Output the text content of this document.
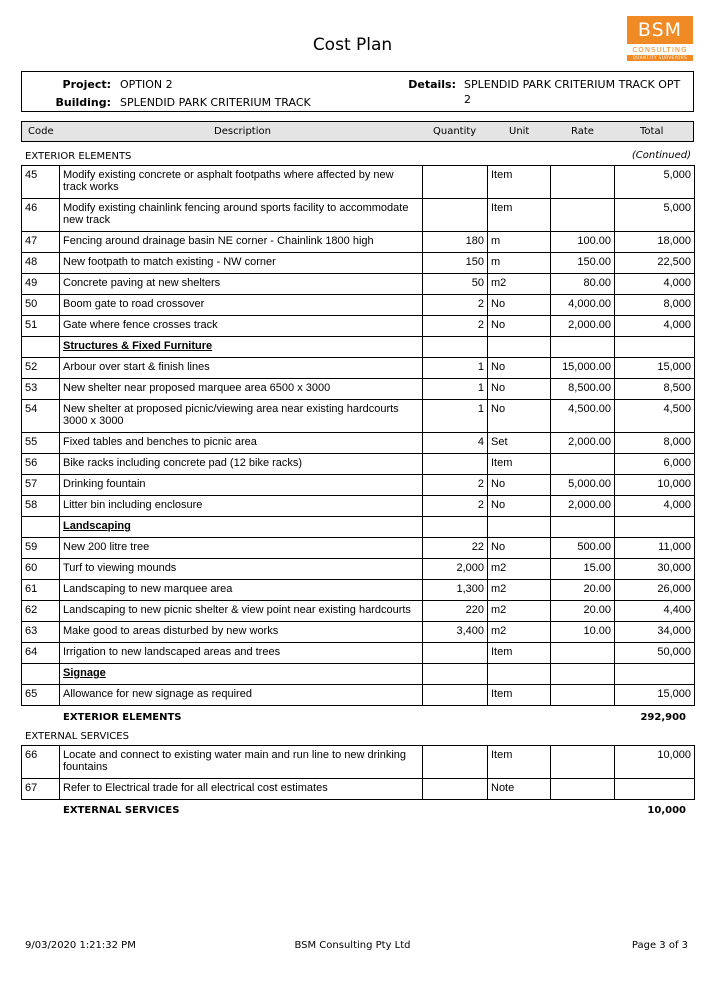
Cost Plan
BSM
CONSULTING
QUANTITY SURVEYORS
Project: OPTION 2
Building: SPLENDID PARK CRITERIUM TRACK
Details: SPLENDID PARK CRITERIUM TRACK OPT
2
Code	Description	Quantity	Unit	Rate	Total
EXTERIOR ELEMENTS	(Continued)
45	Modify existing concrete or asphalt footpaths where affected by new track works		Item		5,000
46	Modify existing chainlink fencing around sports facility to accommodate new track		Item		5,000
47	Fencing around drainage basin NE corner - Chainlink 1800 high	180	m	100.00	18,000
48	New footpath to match existing - NW corner	150	m	150.00	22,500
49	Concrete paving at new shelters	50	m2	80.00	4,000
50	Boom gate to road crossover	2	No	4,000.00	8,000
51	Gate where fence crosses track	2	No	2,000.00	4,000
	Structures & Fixed Furniture				
52	Arbour over start & finish lines	1	No	15,000.00	15,000
53	New shelter near proposed marquee area 6500 x 3000	1	No	8,500.00	8,500
54	New shelter at proposed picnic/viewing area near existing hardcourts 3000 x 3000	1	No	4,500.00	4,500
55	Fixed tables and benches to picnic area	4	Set	2,000.00	8,000
56	Bike racks including concrete pad (12 bike racks)		Item		6,000
57	Drinking fountain	2	No	5,000.00	10,000
58	Litter bin including enclosure	2	No	2,000.00	4,000
	Landscaping				
59	New 200 litre tree	22	No	500.00	11,000
60	Turf to viewing mounds	2,000	m2	15.00	30,000
61	Landscaping to new marquee area	1,300	m2	20.00	26,000
62	Landscaping to new picnic shelter & view point near existing hardcourts	220	m2	20.00	4,400
63	Make good to areas disturbed by new works	3,400	m2	10.00	34,000
64	Irrigation to new landscaped areas and trees		Item		50,000
	Signage				
65	Allowance for new signage as required		Item		15,000
EXTERIOR ELEMENTS	292,900
EXTERNAL SERVICES
66	Locate and connect to existing water main and run line to new drinking fountains		Item		10,000
67	Refer to Electrical trade for all electrical cost estimates		Note		
EXTERNAL SERVICES	10,000
9/03/2020 1:21:32 PM	BSM Consulting Pty Ltd	Page 3 of 3
